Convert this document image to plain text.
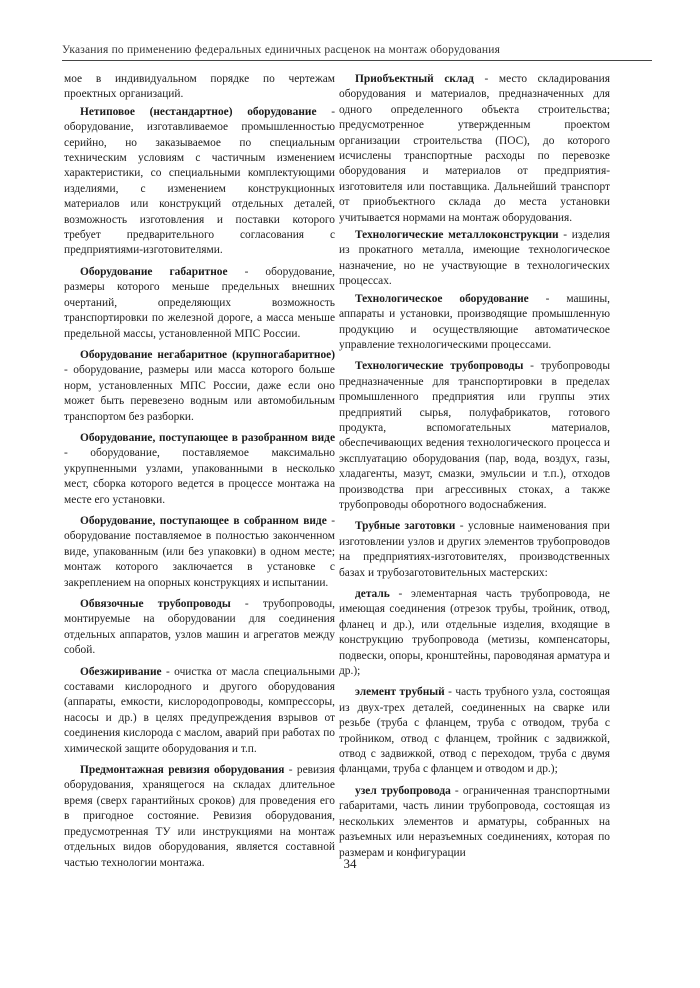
Указания по применению федеральных единичных расценок на монтаж оборудования

мое в индивидуальном порядке по чертежам проектных организаций.

Нетиповое (нестандартное) оборудование - оборудование, изготавливаемое промышленностью серийно, но заказываемое по специальным техническим условиям с частичным изменением характеристики, со специальными комплектующими изделиями, с изменением конструкционных материалов или конструкций отдельных деталей, возможность изготовления и поставки которого требует предварительного согласования с предприятиями-изготовителями.

Оборудование габаритное - оборудование, размеры которого меньше предельных внешних очертаний, определяющих возможность транспортировки по железной дороге, а масса меньше предельной массы, установленной МПС России.

Оборудование негабаритное (крупногабаритное) - оборудование, размеры или масса которого больше норм, установленных МПС России, даже если оно может быть перевезено водным или автомобильным транспортом без разборки.

Оборудование, поступающее в разобранном виде - оборудование, поставляемое максимально укрупненными узлами, упакованными в несколько мест, сборка которого ведется в процессе монтажа на месте его установки.

Оборудование, поступающее в собранном виде - оборудование поставляемое в полностью законченном виде, упакованным (или без упаковки) в одном месте; монтаж которого заключается в установке с закреплением на опорных конструкциях и испытании.

Обвязочные трубопроводы - трубопроводы, монтируемые на оборудовании для соединения отдельных аппаратов, узлов машин и агрегатов между собой.

Обезжиривание - очистка от масла специальными составами кислородного и другого оборудования (аппараты, емкости, кислородопроводы, компрессоры, насосы и др.) в целях предупреждения взрывов от соединения кислорода с маслом, аварий при работах по химической защите оборудования и т.п.

Предмонтажная ревизия оборудования - ревизия оборудования, хранящегося на складах длительное время (сверх гарантийных сроков) для проведения его в пригодное состояние. Ревизия оборудования, предусмотренная ТУ или инструкциями на монтаж отдельных видов оборудования, является составной частью технологии монтажа.

Приобъектный склад - место складирования оборудования и материалов, предназначенных для одного определенного объекта строительства; предусмотренное утвержденным проектом организации строительства (ПОС), до которого исчислены транспортные расходы по перевозке оборудования и материалов от предприятия-изготовителя или поставщика. Дальнейший транспорт от приобъектного склада до места установки учитывается нормами на монтаж оборудования.

Технологические металлоконструкции - изделия из прокатного металла, имеющие технологическое назначение, но не участвующие в технологических процессах.

Технологическое оборудование - машины, аппараты и установки, производящие промышленную продукцию и осуществляющие автоматическое управление технологическими процессами.

Технологические трубопроводы - трубопроводы предназначенные для транспортировки в пределах промышленного предприятия или группы этих предприятий сырья, полуфабрикатов, готового продукта, вспомогательных материалов, обеспечивающих ведения технологического процесса и эксплуатацию оборудования (пар, вода, воздух, газы, хладагенты, мазут, смазки, эмульсии и т.п.), отходов производства при агрессивных стоках, а также трубопроводы оборотного водоснабжения.

Трубные заготовки - условные наименования при изготовлении узлов и других элементов трубопроводов на предприятиях-изготовителях, производственных базах и трубозаготовительных мастерских:

деталь - элементарная часть трубопровода, не имеющая соединения (отрезок трубы, тройник, отвод, фланец и др.), или отдельные изделия, входящие в конструкцию трубопровода (метизы, компенсаторы, подвески, опоры, кронштейны, пароводяная арматура и др.);

элемент трубный - часть трубного узла, состоящая из двух-трех деталей, соединенных на сварке или резьбе (труба с фланцем, труба с отводом, труба с тройником, отвод с фланцем, тройник с задвижкой, отвод с задвижкой, отвод с переходом, труба с двумя фланцами, труба с фланцем и отводом и др.);

узел трубопровода - ограниченная транспортными габаритами, часть линии трубопровода, состоящая из нескольких элементов и арматуры, собранных на разъемных или неразъемных соединениях, которая по размерам и конфигурации

34
